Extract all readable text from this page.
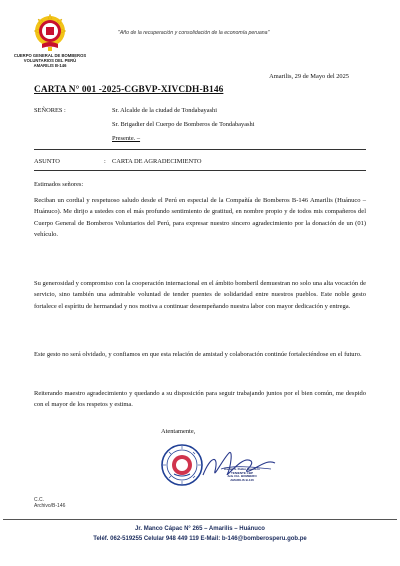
CUERPO GENERAL DE BOMBEROS
VOLUNTARIOS DEL PERÚ
AMARILIS B-146
"Año de la recuperación y consolidación de la economía peruana"
Amarilis, 29 de Mayo del 2025
CARTA N° 001 -2025-CGBVP-XIVCDH-B146
SEÑORES :	Sr. Alcalde de la ciudad de Tondabayashi
Sr. Brigadier del Cuerpo de Bomberos de Tondabayashi
Presente. –
ASUNTO	: CARTA DE AGRADECIMIENTO
Estimados señores:
Reciban un cordial y respetuoso saludo desde el Perú en especial de la Compañía de Bomberos B-146 Amarilis (Huánuco – Huánuco). Me dirijo a ustedes con el más profundo sentimiento de gratitud, en nombre propio y de todos mis compañeros del Cuerpo General de Bomberos Voluntarios del Perú, para expresar nuestro sincero agradecimiento por la donación de un (01) vehículo.
Su generosidad y compromiso con la cooperación internacional en el ámbito bomberil demuestran no solo una alta vocación de servicio, sino también una admirable voluntad de tender puentes de solidaridad entre nuestros pueblos. Este noble gesto fortalece el espíritu de hermandad y nos motiva a continuar desempeñando nuestra labor con mayor dedicación y entrega.
Este gesto no será olvidado, y confiamos en que esta relación de amistad y colaboración continúe fortaleciéndose en el futuro.
Reiterando maestro agradecimiento y quedando a su disposición para seguir trabajando juntos por el bien común, me despido con el mayor de los respetos y estima.
Atentamente,
Daniel S. Rubio Guerrero
TENIENTE CBP
Jefe CIA. BOMBERO
AMARILIS B-146
C.C.
Archivo/B-146
Jr. Manco Cápac N° 265 – Amarilis – Huánuco
Teléf. 062-519255 Celular 948 449 119 E-Mail: b-146@bomberosperu.gob.pe
